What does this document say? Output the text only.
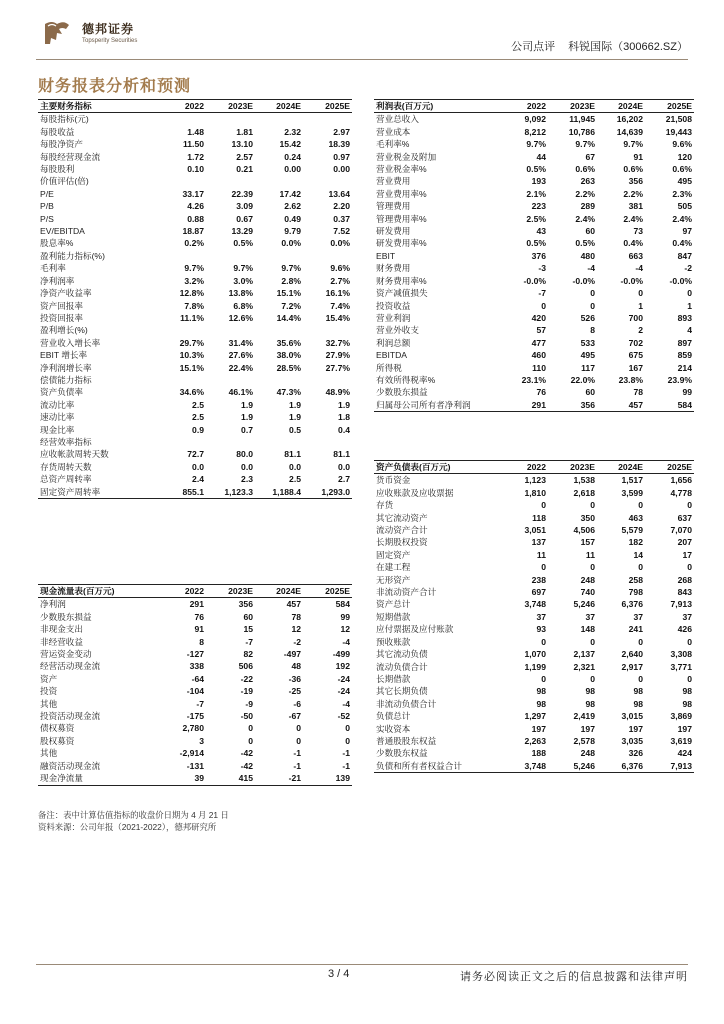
德邦证券
Topsperity Securities	公司点评 科锐国际（300662.SZ）
财务报表分析和预测
主要财务指标	2022	2023E	2024E	2025E
每股指标(元)				
每股收益	1.48	1.81	2.32	2.97
每股净资产	11.50	13.10	15.42	18.39
每股经营现金流	1.72	2.57	0.24	0.97
每股股利	0.10	0.21	0.00	0.00
价值评估(倍)				
P/E	33.17	22.39	17.42	13.64
P/B	4.26	3.09	2.62	2.20
P/S	0.88	0.67	0.49	0.37
EV/EBITDA	18.87	13.29	9.79	7.52
股息率%	0.2%	0.5%	0.0%	0.0%
盈利能力指标(%)				
毛利率	9.7%	9.7%	9.7%	9.6%
净利润率	3.2%	3.0%	2.8%	2.7%
净资产收益率	12.8%	13.8%	15.1%	16.1%
资产回报率	7.8%	6.8%	7.2%	7.4%
投资回报率	11.1%	12.6%	14.4%	15.4%
盈利增长(%)				
营业收入增长率	29.7%	31.4%	35.6%	32.7%
EBIT 增长率	10.3%	27.6%	38.0%	27.9%
净利润增长率	15.1%	22.4%	28.5%	27.7%
偿债能力指标				
资产负债率	34.6%	46.1%	47.3%	48.9%
流动比率	2.5	1.9	1.9	1.9
速动比率	2.5	1.9	1.9	1.8
现金比率	0.9	0.7	0.5	0.4
经营效率指标				
应收帐款周转天数	72.7	80.0	81.1	81.1
存货周转天数	0.0	0.0	0.0	0.0
总资产周转率	2.4	2.3	2.5	2.7
固定资产周转率	855.1	1,123.3	1,188.4	1,293.0
现金流量表(百万元)	2022	2023E	2024E	2025E
净利润	291	356	457	584
少数股东损益	76	60	78	99
非现金支出	91	15	12	12
非经营收益	8	-7	-2	-4
营运资金变动	-127	82	-497	-499
经营活动现金流	338	506	48	192
资产	-64	-22	-36	-24
投资	-104	-19	-25	-24
其他	-7	-9	-6	-4
投资活动现金流	-175	-50	-67	-52
债权募资	2,780	0	0	0
股权募资	3	0	0	0
其他	-2,914	-42	-1	-1
融资活动现金流	-131	-42	-1	-1
现金净流量	39	415	-21	139
利润表(百万元)	2022	2023E	2024E	2025E
营业总收入	9,092	11,945	16,202	21,508
营业成本	8,212	10,786	14,639	19,443
毛利率%	9.7%	9.7%	9.7%	9.6%
营业税金及附加	44	67	91	120
营业税金率%	0.5%	0.6%	0.6%	0.6%
营业费用	193	263	356	495
营业费用率%	2.1%	2.2%	2.2%	2.3%
管理费用	223	289	381	505
管理费用率%	2.5%	2.4%	2.4%	2.4%
研发费用	43	60	73	97
研发费用率%	0.5%	0.5%	0.4%	0.4%
EBIT	376	480	663	847
财务费用	-3	-4	-4	-2
财务费用率%	-0.0%	-0.0%	-0.0%	-0.0%
资产减值损失	-7	0	0	0
投资收益	0	0	1	1
营业利润	420	526	700	893
营业外收支	57	8	2	4
利润总额	477	533	702	897
EBITDA	460	495	675	859
所得税	110	117	167	214
有效所得税率%	23.1%	22.0%	23.8%	23.9%
少数股东损益	76	60	78	99
归属母公司所有者净利润	291	356	457	584
资产负债表(百万元)	2022	2023E	2024E	2025E
货币资金	1,123	1,538	1,517	1,656
应收账款及应收票据	1,810	2,618	3,599	4,778
存货	0	0	0	0
其它流动资产	118	350	463	637
流动资产合计	3,051	4,506	5,579	7,070
长期股权投资	137	157	182	207
固定资产	11	11	14	17
在建工程	0	0	0	0
无形资产	238	248	258	268
非流动资产合计	697	740	798	843
资产总计	3,748	5,246	6,376	7,913
短期借款	37	37	37	37
应付票据及应付账款	93	148	241	426
预收账款	0	0	0	0
其它流动负债	1,070	2,137	2,640	3,308
流动负债合计	1,199	2,321	2,917	3,771
长期借款	0	0	0	0
其它长期负债	98	98	98	98
非流动负债合计	98	98	98	98
负债总计	1,297	2,419	3,015	3,869
实收资本	197	197	197	197
普通股股东权益	2,263	2,578	3,035	3,619
少数股东权益	188	248	326	424
负债和所有者权益合计	3,748	5,246	6,376	7,913
备注：表中计算估值指标的收盘价日期为 4 月 21 日
资料来源：公司年报（2021-2022），德邦研究所
3 / 4	请务必阅读正文之后的信息披露和法律声明
